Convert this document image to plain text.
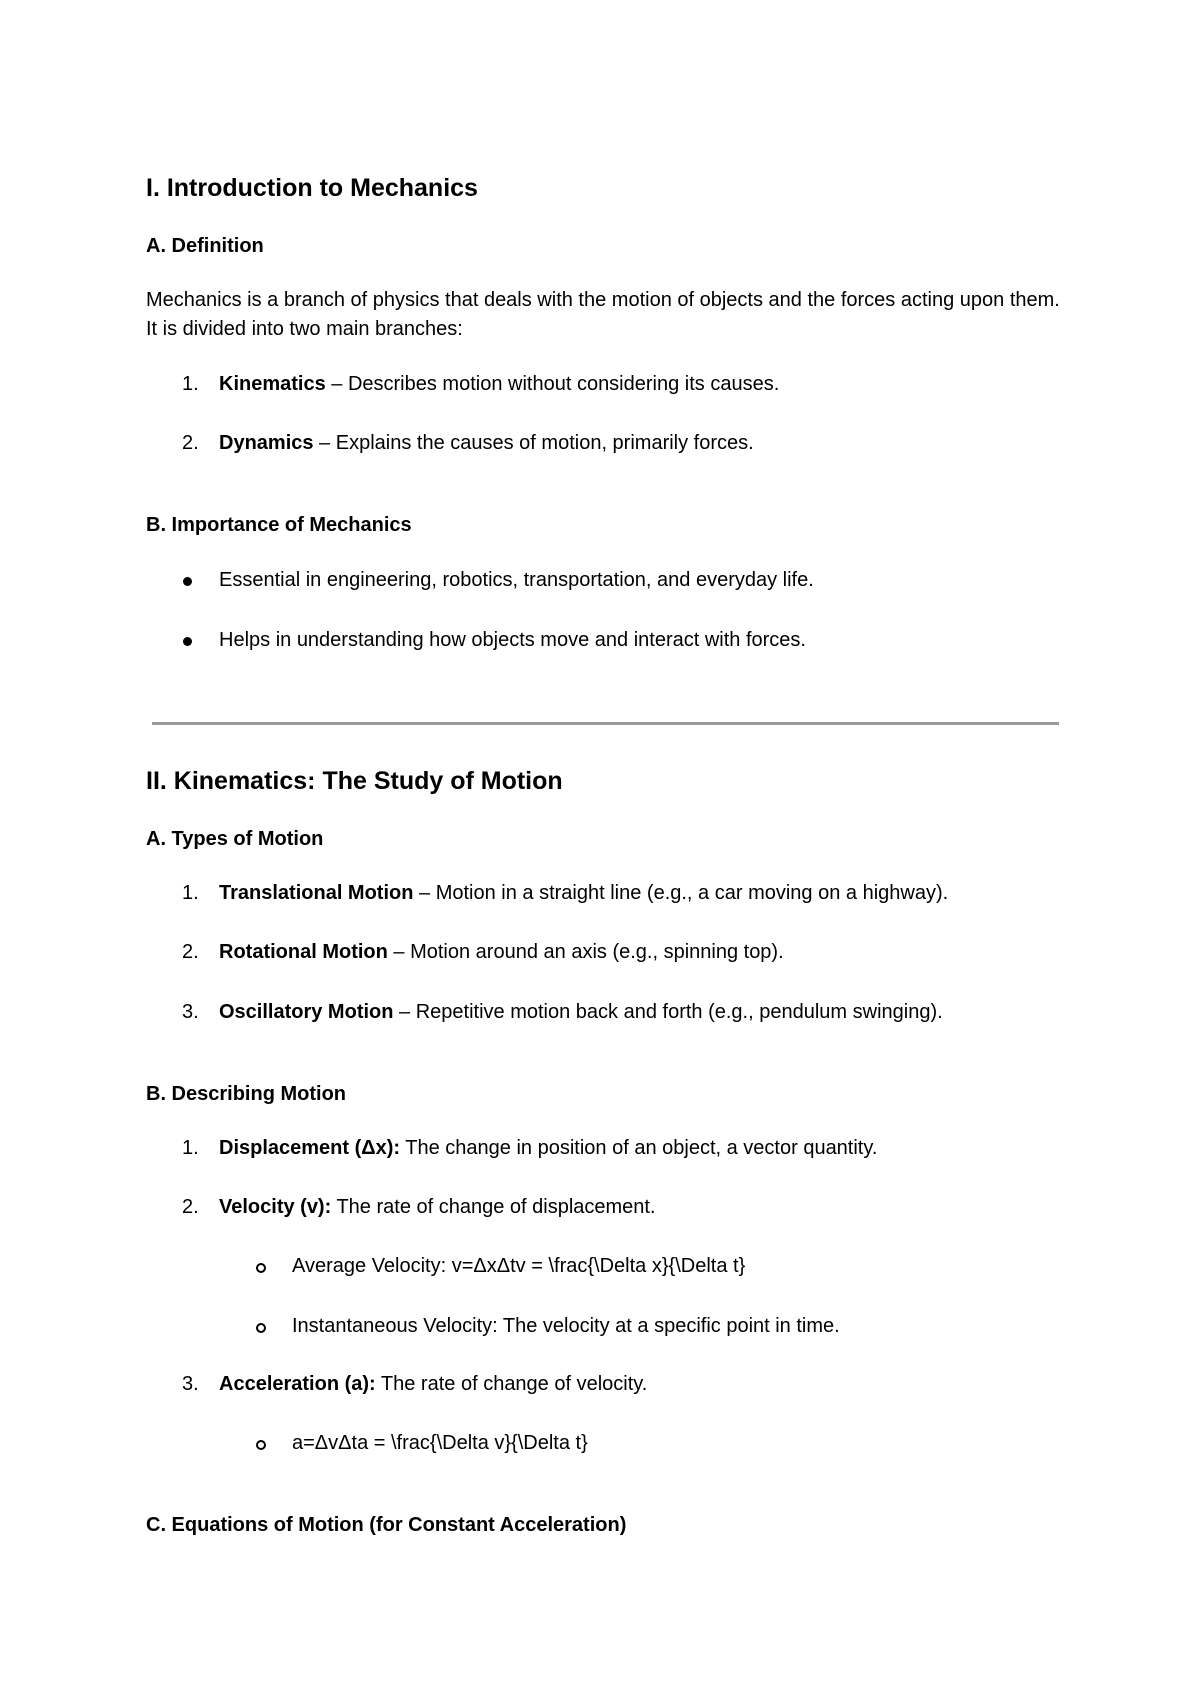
I. Introduction to Mechanics
A. Definition
Mechanics is a branch of physics that deals with the motion of objects and the forces acting upon them. It is divided into two main branches:
1.	Kinematics – Describes motion without considering its causes.
2.	Dynamics – Explains the causes of motion, primarily forces.
B. Importance of Mechanics
Essential in engineering, robotics, transportation, and everyday life.
Helps in understanding how objects move and interact with forces.
II. Kinematics: The Study of Motion
A. Types of Motion
1.	Translational Motion – Motion in a straight line (e.g., a car moving on a highway).
2.	Rotational Motion – Motion around an axis (e.g., spinning top).
3.	Oscillatory Motion – Repetitive motion back and forth (e.g., pendulum swinging).
B. Describing Motion
1.	Displacement (Δx): The change in position of an object, a vector quantity.
2.	Velocity (v): The rate of change of displacement.
Average Velocity: v=ΔxΔtv = \frac{\Delta x}{\Delta t}
Instantaneous Velocity: The velocity at a specific point in time.
3.	Acceleration (a): The rate of change of velocity.
a=ΔvΔta = \frac{\Delta v}{\Delta t}
C. Equations of Motion (for Constant Acceleration)
